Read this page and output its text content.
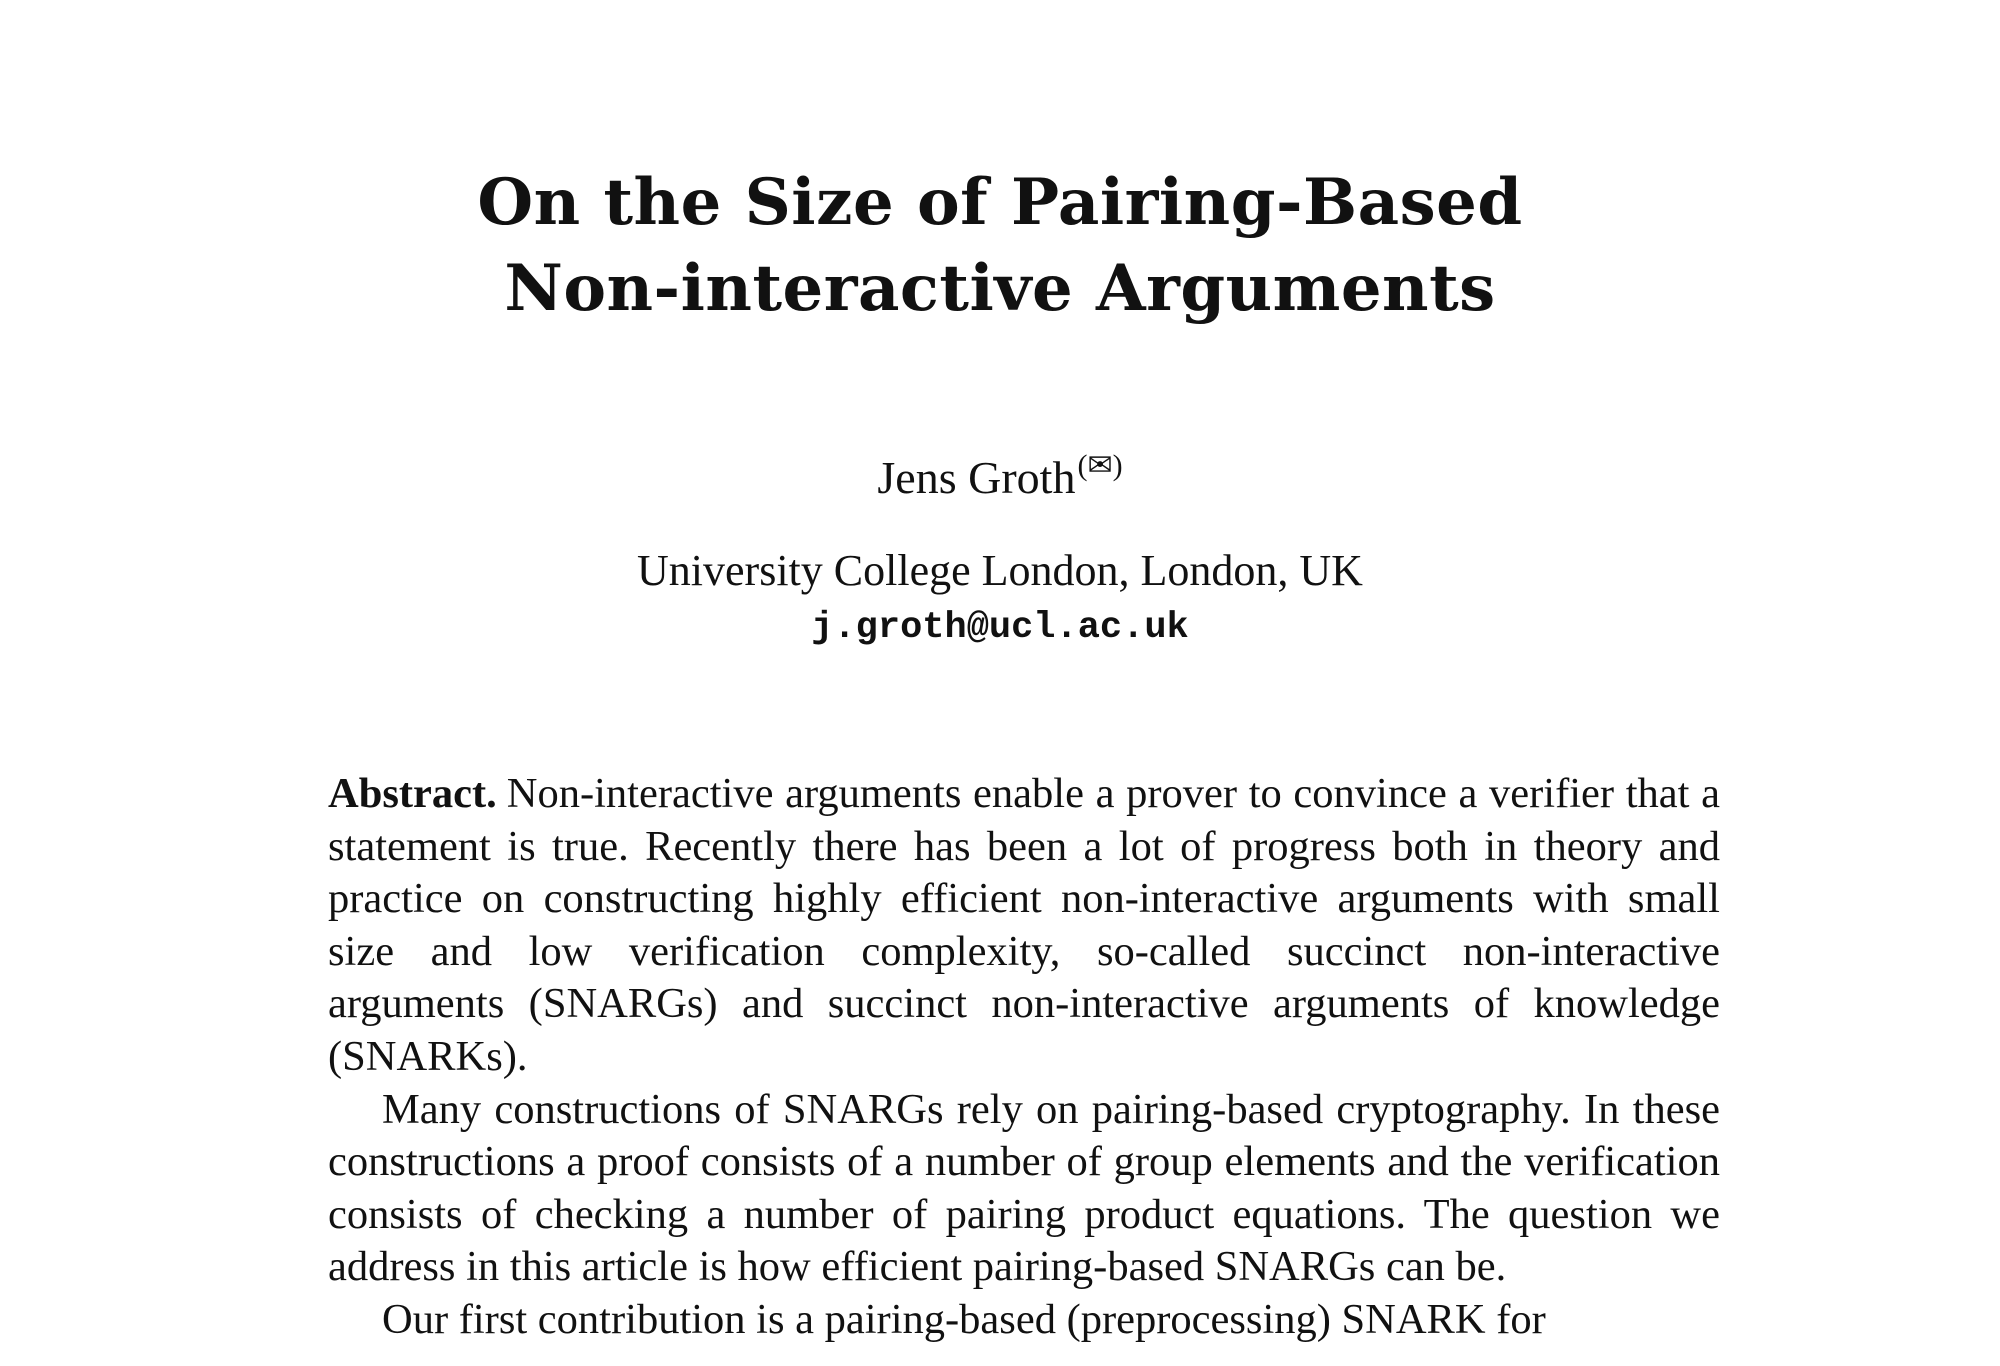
On the Size of Pairing-Based
Non-interactive Arguments
Jens Groth(✉)
University College London, London, UK
j.groth@ucl.ac.uk

Abstract. Non-interactive arguments enable a prover to convince a verifier that a statement is true. Recently there has been a lot of progress both in theory and practice on constructing highly efficient non-interactive arguments with small size and low verification complexity, so-called succinct non-interactive arguments (SNARGs) and succinct non-interactive arguments of knowledge (SNARKs).

Many constructions of SNARGs rely on pairing-based cryptography. In these constructions a proof consists of a number of group elements and the verification consists of checking a number of pairing product equations. The question we address in this article is how efficient pairing-based SNARGs can be.

Our first contribution is a pairing-based (preprocessing) SNARK for
